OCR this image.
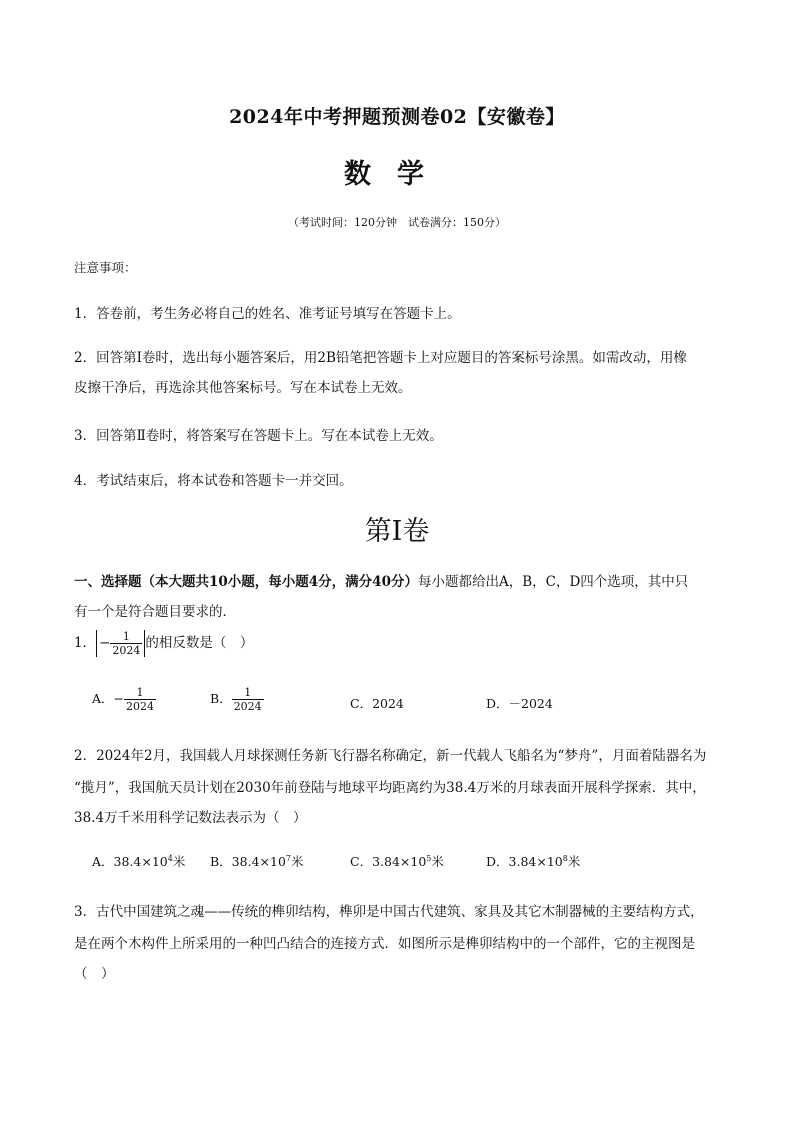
2024年中考押题预测卷02【安徽卷】
数学
（考试时间：120分钟　试卷满分：150分）
注意事项：
1．答卷前，考生务必将自己的姓名、准考证号填写在答题卡上。
2．回答第Ⅰ卷时，选出每小题答案后，用2B铅笔把答题卡上对应题目的答案标号涂黑。如需改动，用橡
皮擦干净后，再选涂其他答案标号。写在本试卷上无效。
3．回答第Ⅱ卷时，将答案写在答题卡上。写在本试卷上无效。
4．考试结束后，将本试卷和答题卡一并交回。
第Ⅰ卷
一、选择题（本大题共10小题，每小题4分，满分40分）每小题都给出A，B，C，D四个选项，其中只
有一个是符合题目要求的．
1． − $\frac{1}{2024}$ 的相反数是（　）
A．− $\frac{1}{2024}$	B． $\frac{1}{2024}$	C．2024	D．－2024
2．2024年2月，我国载人月球探测任务新飞行器名称确定，新一代载人飞船名为“梦舟”，月面着陆器名为
“揽月”，我国航天员计划在2030年前登陆与地球平均距离约为38.4万米的月球表面开展科学探索．其中，
38.4万千米用科学记数法表示为（　）
A．$38.4\times 10^4$米 B．$38.4\times 10^7$米	C．$3.84\times 10^5$米	D．$3.84\times 10^8$米
3．古代中国建筑之魂——传统的榫卯结构，榫卯是中国古代建筑、家具及其它木制器械的主要结构方式，
是在两个木构件上所采用的一种凹凸结合的连接方式．如图所示是榫卯结构中的一个部件，它的主视图是
（　）
